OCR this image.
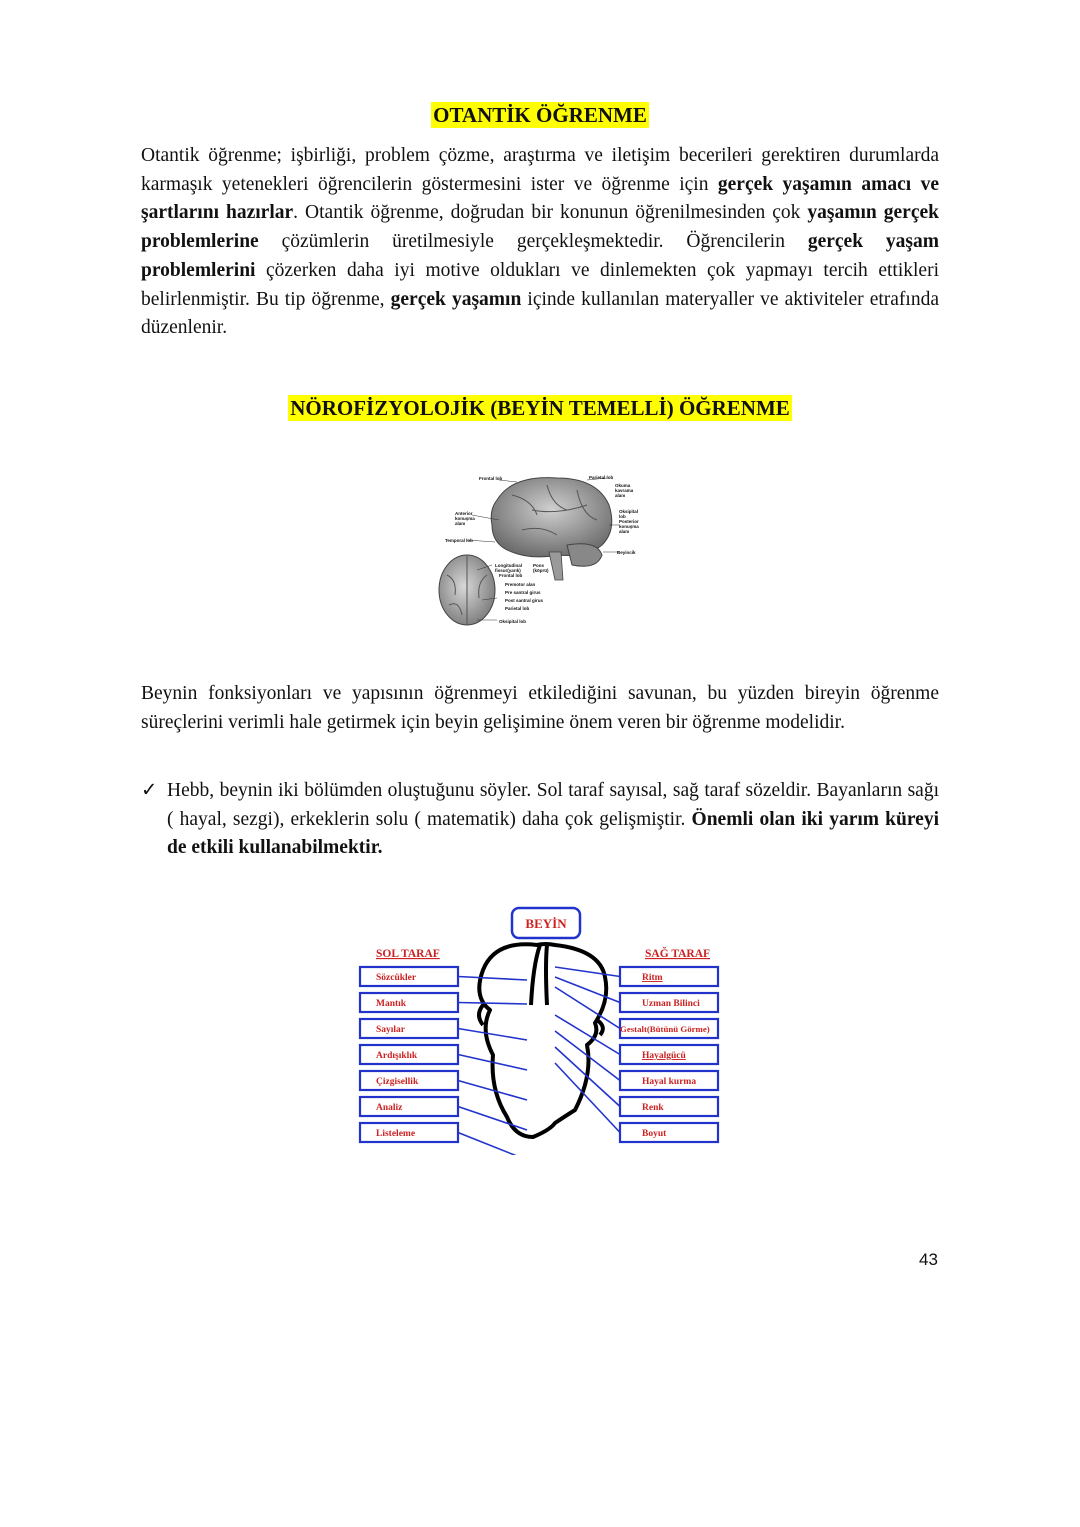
OTANTİK ÖĞRENME
Otantik öğrenme; işbirliği, problem çözme, araştırma ve iletişim becerileri gerektiren durumlarda karmaşık yetenekleri öğrencilerin göstermesini ister ve öğrenme için gerçek yaşamın amacı ve şartlarını hazırlar. Otantik öğrenme, doğrudan bir konunun öğrenilmesinden çok yaşamın gerçek problemlerine çözümlerin üretilmesiyle gerçekleşmektedir. Öğrencilerin gerçek yaşam problemlerini çözerken daha iyi motive oldukları ve dinlemekten çok yapmayı tercih ettikleri belirlenmiştir. Bu tip öğrenme, gerçek yaşamın içinde kullanılan materyaller ve aktiviteler etrafında düzenlenir.
NÖROFİZYOLOJİK (BEYİN TEMELLİ) ÖĞRENME
Frontal lob	Parietal lob
Okuma
kavrama
alanı
Anterior
konuşma
alanı
Oksipital
lob
Posterior
konuşma
alanı
Temporal lob
Beyincik
Longitudinal
fissur(yarık)
Frontal lob
Pons
(köprü)
Premotor alan
Pre santral girus
Post santral girus
Parietal lob
Oksipital lob
Beynin fonksiyonları ve yapısının öğrenmeyi etkilediğini savunan, bu yüzden bireyin öğrenme süreçlerini verimli hale getirmek için beyin gelişimine önem veren bir öğrenme modelidir.
✓ Hebb, beynin iki bölümden oluştuğunu söyler. Sol taraf sayısal, sağ taraf sözeldir. Bayanların sağı ( hayal, sezgi), erkeklerin solu ( matematik) daha çok gelişmiştir. Önemli olan iki yarım küreyi de etkili kullanabilmektir.
BEYİN
SOL TARAF	SAĞ TARAF
Sözcükler
Mantık
Sayılar
Ardışıklık
Çizgisellik
Analiz
Listeleme
Ritm
Uzman Bilinci
Gestalt(Bütünü Görme)
Hayalgücü
Hayal kurma
Renk
Boyut
43
